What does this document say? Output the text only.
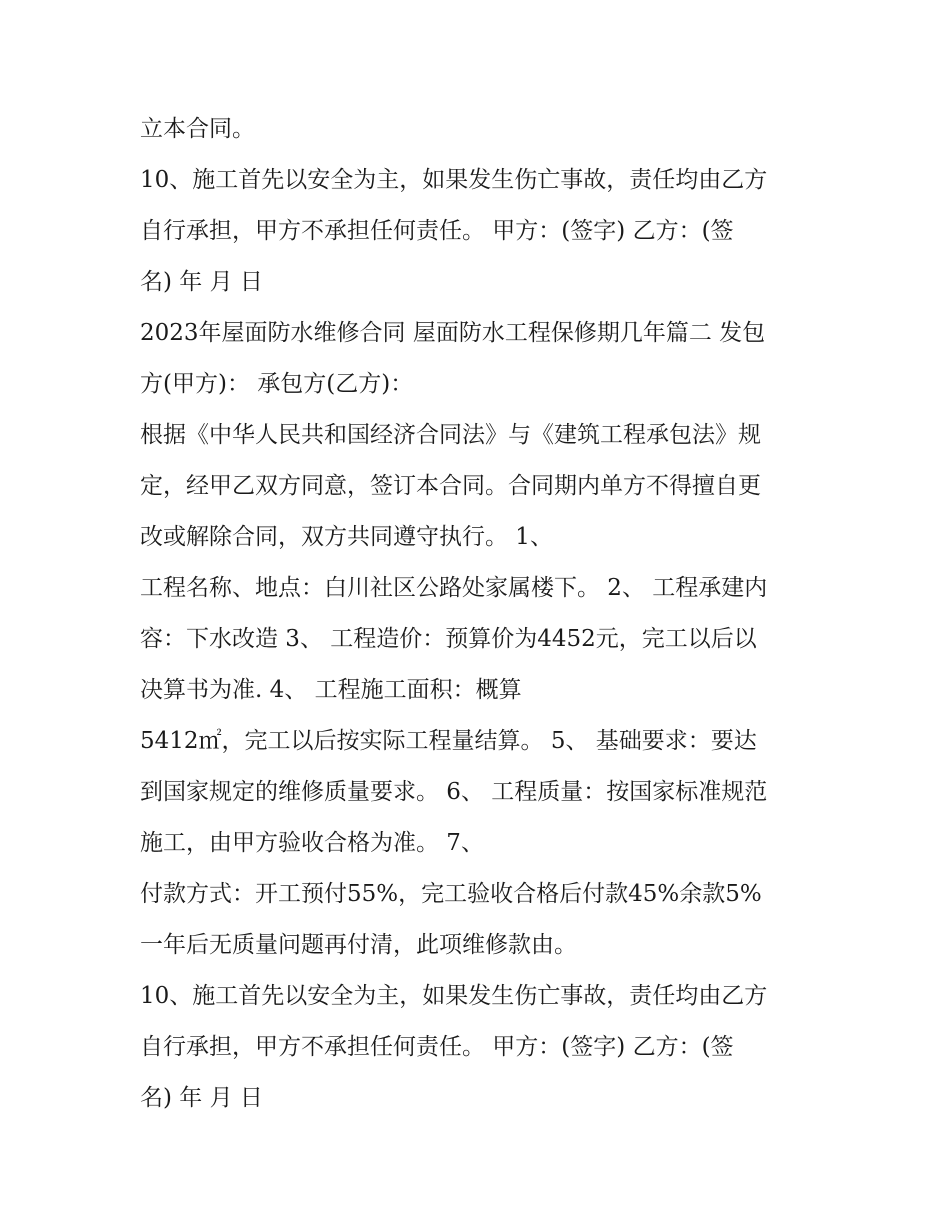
立本合同。
10、施工首先以安全为主，如果发生伤亡事故，责任均由乙方
自行承担，甲方不承担任何责任。 甲方：(签字) 乙方：(签
名) 年 月 日
2023年屋面防水维修合同 屋面防水工程保修期几年篇二 发包
方(甲方)： 承包方(乙方)：
根据《中华人民共和国经济合同法》与《建筑工程承包法》规
定，经甲乙双方同意，签订本合同。合同期内单方不得擅自更
改或解除合同，双方共同遵守执行。 1、
工程名称、地点：白川社区公路处家属楼下。 2、 工程承建内
容：下水改造 3、 工程造价：预算价为4452元，完工以后以
决算书为准. 4、 工程施工面积：概算
5412㎡，完工以后按实际工程量结算。 5、 基础要求：要达
到国家规定的维修质量要求。 6、 工程质量：按国家标准规范
施工，由甲方验收合格为准。 7、
付款方式：开工预付55%，完工验收合格后付款45%余款5%
一年后无质量问题再付清，此项维修款由。
10、施工首先以安全为主，如果发生伤亡事故，责任均由乙方
自行承担，甲方不承担任何责任。 甲方：(签字) 乙方：(签
名) 年 月 日
